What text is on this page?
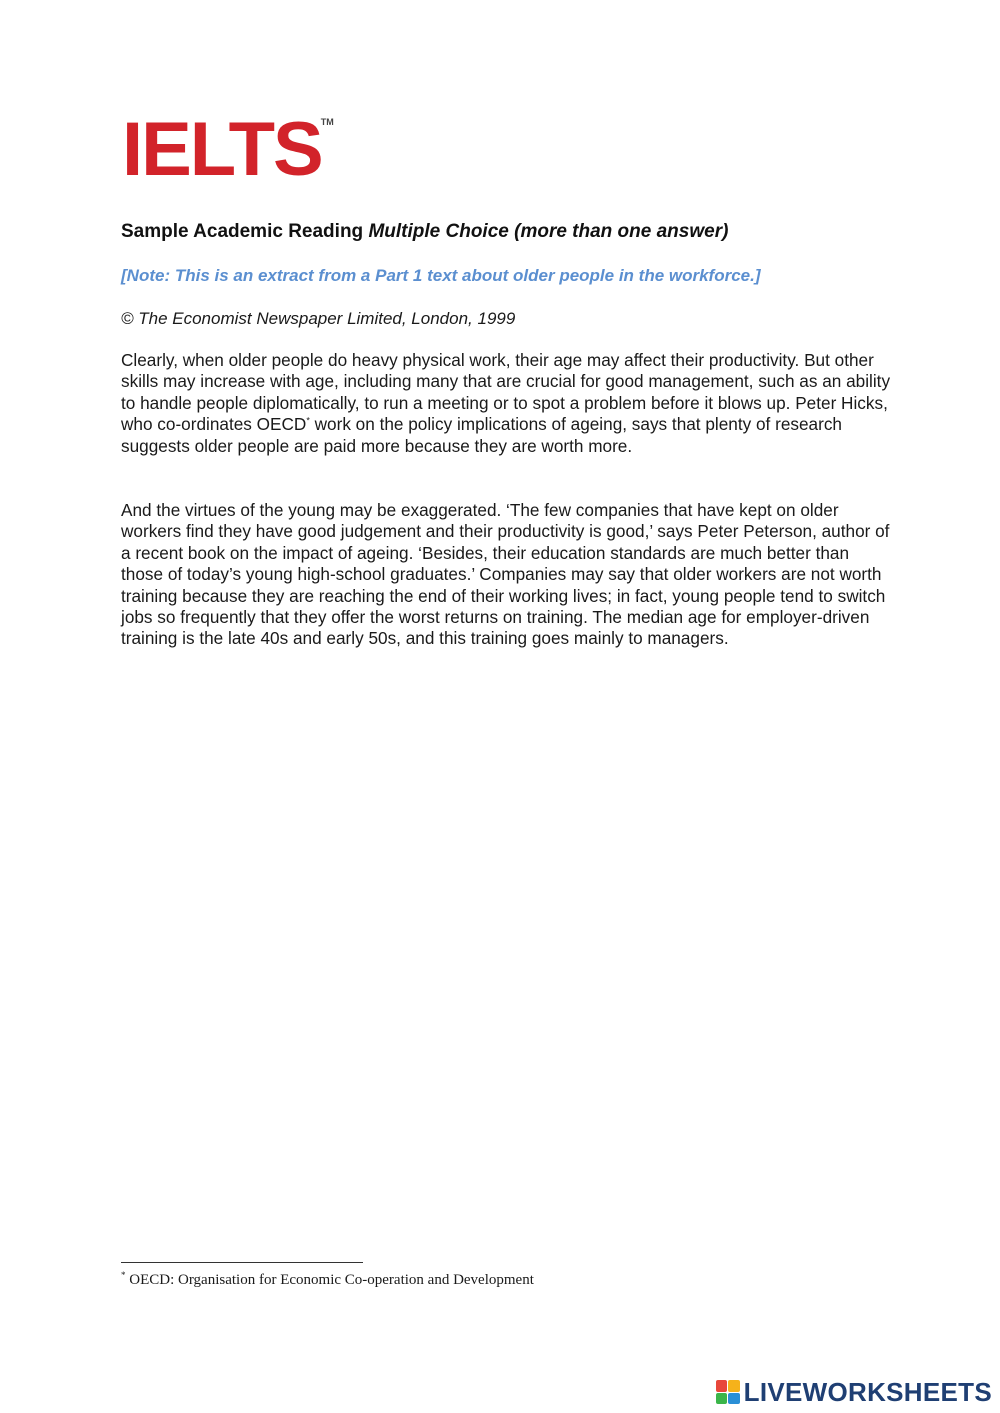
IELTS TM
Sample Academic Reading Multiple Choice (more than one answer)
[Note: This is an extract from a Part 1 text about older people in the workforce.]
© The Economist Newspaper Limited, London, 1999

Clearly, when older people do heavy physical work, their age may affect their productivity. But other skills may increase with age, including many that are crucial for good management, such as an ability to handle people diplomatically, to run a meeting or to spot a problem before it blows up. Peter Hicks, who co-ordinates OECD* work on the policy implications of ageing, says that plenty of research suggests older people are paid more because they are worth more.

And the virtues of the young may be exaggerated. ‘The few companies that have kept on older workers find they have good judgement and their productivity is good,’ says Peter Peterson, author of a recent book on the impact of ageing. ‘Besides, their education standards are much better than those of today’s young high-school graduates.’ Companies may say that older workers are not worth training because they are reaching the end of their working lives; in fact, young people tend to switch jobs so frequently that they offer the worst returns on training. The median age for employer-driven training is the late 40s and early 50s, and this training goes mainly to managers.

* OECD: Organisation for Economic Co-operation and Development
LIVEWORKSHEETS
